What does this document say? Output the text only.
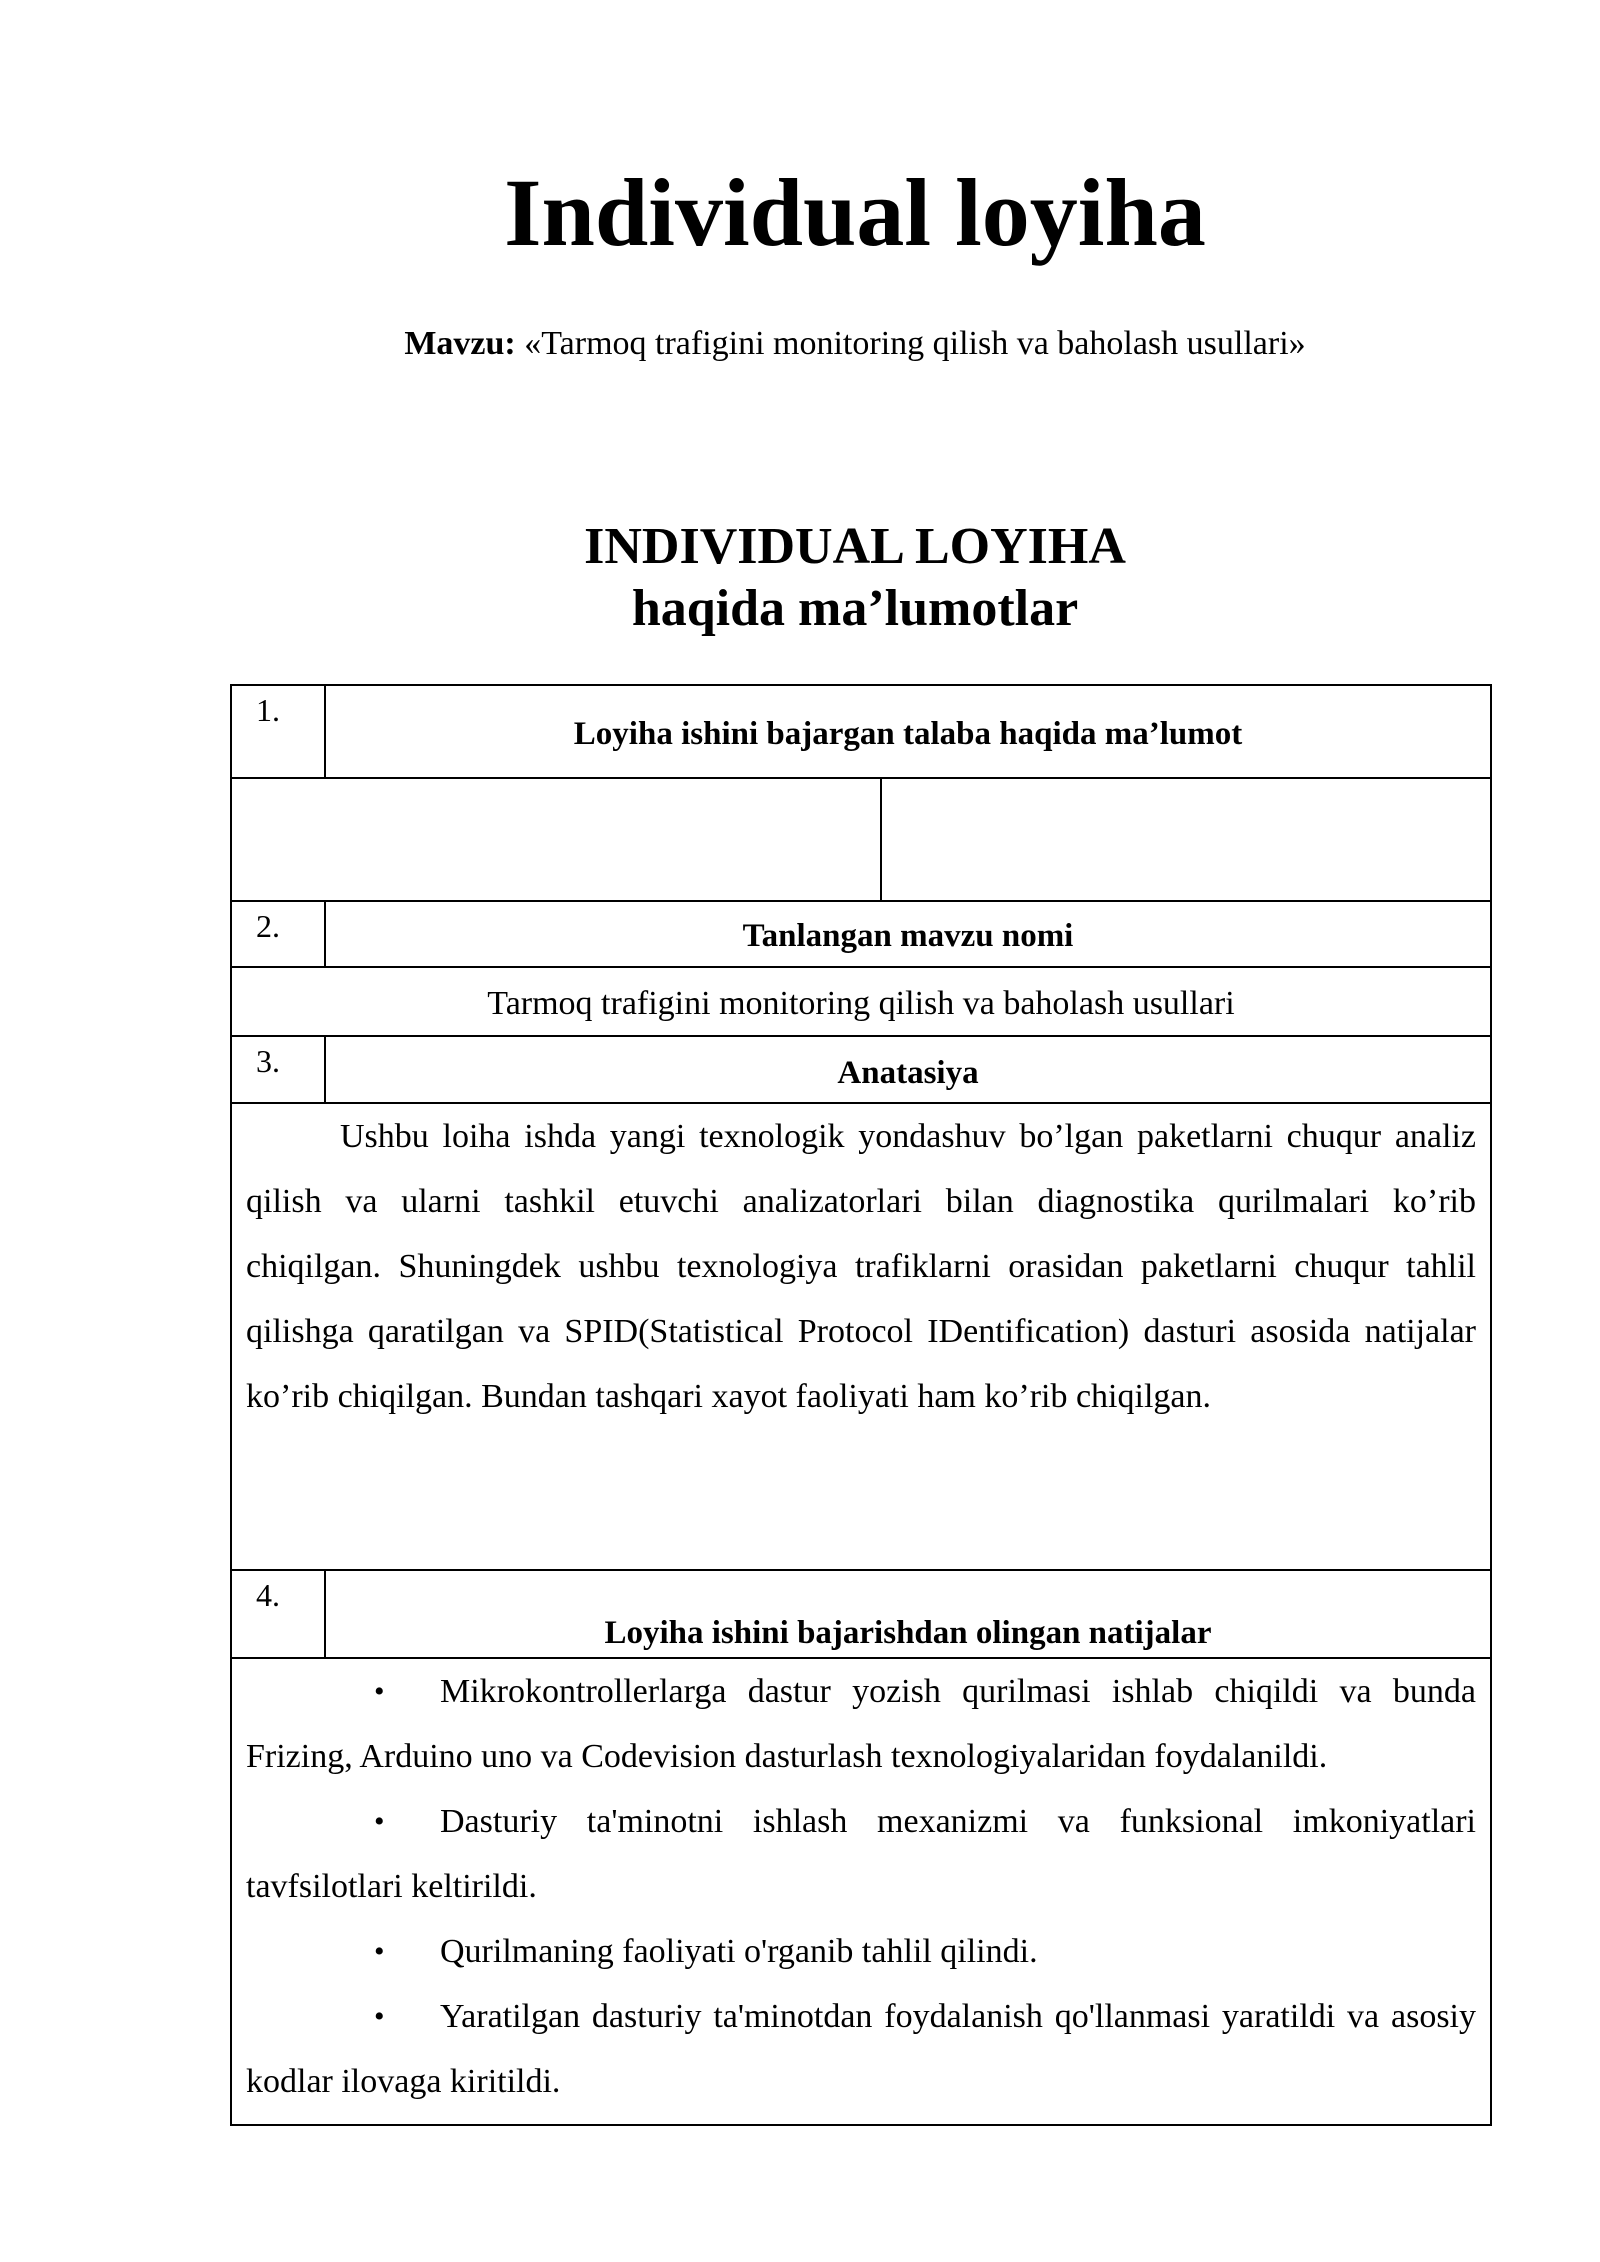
Individual loyiha
Mavzu: «Tarmoq trafigini monitoring qilish va baholash usullari»
INDIVIDUAL LOYIHA
haqida ma’lumotlar
1.
Loyiha ishini bajargan talaba haqida ma’lumot
2.	Tanlangan mavzu nomi
Tarmoq trafigini monitoring qilish va baholash usullari
3.	Anatasiya

Ushbu loiha ishda yangi texnologik yondashuv bo’lgan paketlarni chuqur analiz qilish va ularni tashkil etuvchi analizatorlari bilan diagnostika qurilmalari ko’rib chiqilgan. Shuningdek ushbu texnologiya trafiklarni orasidan paketlarni chuqur tahlil qilishga qaratilgan va SPID(Statistical Protocol IDentification) dasturi asosida natijalar ko’rib chiqilgan. Bundan tashqari xayot faoliyati ham ko’rib chiqilgan.

4.
Loyiha ishini bajarishdan olingan natijalar

• Mikrokontrollerlarga dastur yozish qurilmasi ishlab chiqildi va bunda Frizing, Arduino uno va Codevision dasturlash texnologiyalaridan foydalanildi.

• Dasturiy ta'minotni ishlash mexanizmi va funksional imkoniyatlari tavfsilotlari keltirildi.

• Qurilmaning faoliyati o'rganib tahlil qilindi.

• Yaratilgan dasturiy ta'minotdan foydalanish qo'llanmasi yaratildi va asosiy kodlar ilovaga kiritildi.
